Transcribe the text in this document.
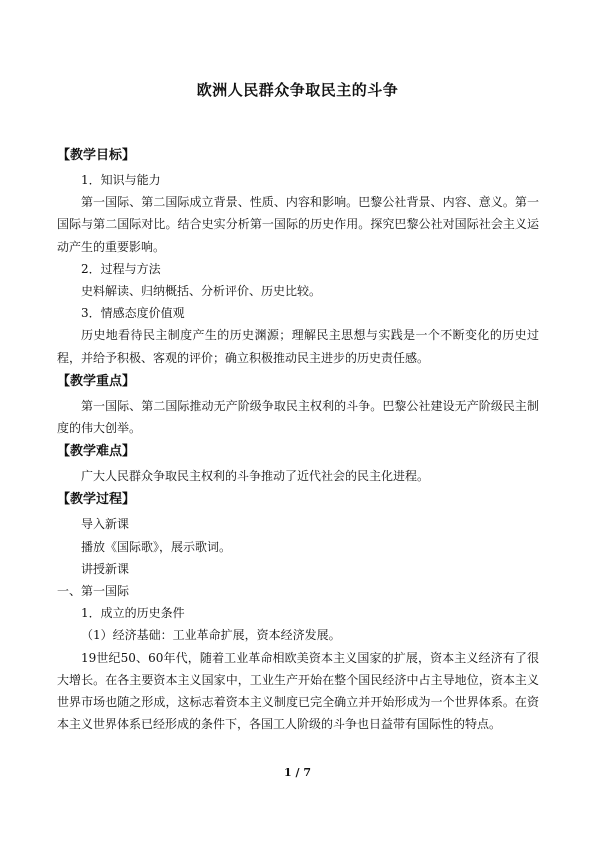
欧洲人民群众争取民主的斗争

【教学目标】

1．知识与能力

第一国际、第二国际成立背景、性质、内容和影响。巴黎公社背景、内容、意义。第一国际与第二国际对比。结合史实分析第一国际的历史作用。探究巴黎公社对国际社会主义运动产生的重要影响。

2．过程与方法

史料解读、归纳概括、分析评价、历史比较。

3．情感态度价值观

历史地看待民主制度产生的历史渊源；理解民主思想与实践是一个不断变化的历史过程，并给予积极、客观的评价；确立积极推动民主进步的历史责任感。

【教学重点】

第一国际、第二国际推动无产阶级争取民主权利的斗争。巴黎公社建设无产阶级民主制度的伟大创举。

【教学难点】

广大人民群众争取民主权利的斗争推动了近代社会的民主化进程。

【教学过程】

导入新课

播放《国际歌》，展示歌词。

讲授新课

一、第一国际

1．成立的历史条件

（1）经济基础：工业革命扩展，资本经济发展。

19世纪50、60年代，随着工业革命相欧美资本主义国家的扩展，资本主义经济有了很大增长。在各主要资本主义国家中，工业生产开始在整个国民经济中占主导地位，资本主义世界市场也随之形成，这标志着资本主义制度已完全确立并开始形成为一个世界体系。在资本主义世界体系已经形成的条件下，各国工人阶级的斗争也日益带有国际性的特点。

1 / 7
